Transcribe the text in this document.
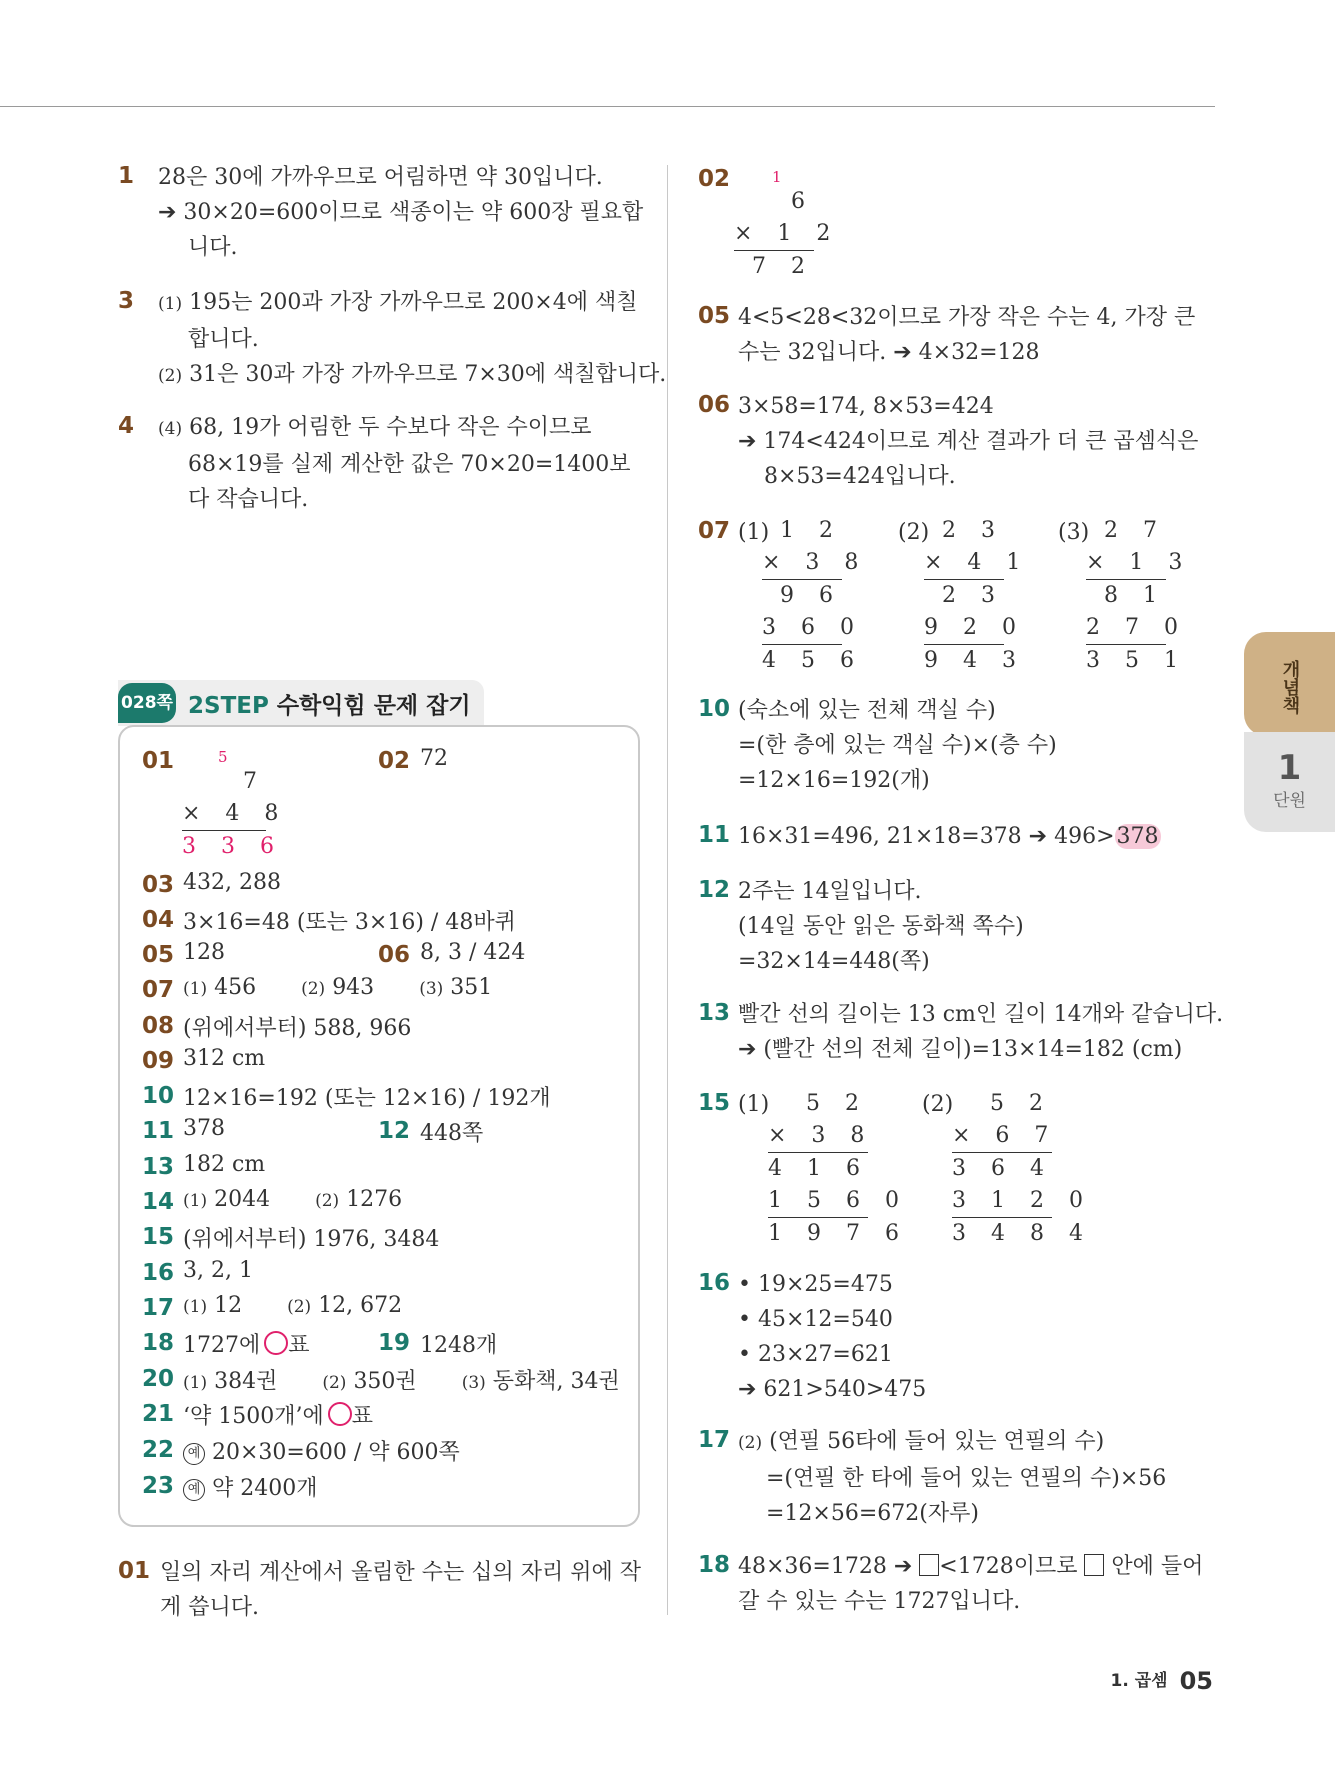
1 28은 30에 가까우므로 어림하면 약 30입니다.
➔ 30×20=600이므로 색종이는 약 600장 필요합
니다.
3 (1) 195는 200과 가장 가까우므로 200×4에 색칠
합니다.
(2) 31은 30과 가장 가까우므로 7×30에 색칠합니다.
4 (4) 68, 19가 어림한 두 수보다 작은 수이므로
68×19를 실제 계산한 값은 70×20=1400보
다 작습니다.
028쪽 2STEP 수학익힘 문제 잡기
01	5
7
× 4 8
3 3 6
02 72
03 432, 288
04 3×16=48 (또는 3×16) / 48바퀴
05 128	06 8, 3 / 424
07 (1) 456	(2) 943	(3) 351
08 (위에서부터) 588, 966
09 312 cm
10 12×16=192 (또는 12×16) / 192개
11 378	12 448쪽
13 182 cm
14 (1) 2044	(2) 1276
15 (위에서부터) 1976, 3484
16 3, 2, 1
17 (1) 12	(2) 12, 672
18 1727에 ○표	19 1248개
20 (1) 384권	(2) 350권	(3) 동화책, 34권
21 ‘약 1500개’에 ○표
22	예 20×30=600 / 약 600쪽
23	예 약 2400개
01 일의 자리 계산에서 올림한 수는 십의 자리 위에 작
게 씁니다.
02	1
6
× 1 2
7 2
05 4<5<28<32이므로 가장 작은 수는 4, 가장 큰
수는 32입니다. ➔ 4×32=128
06 3×58=174, 8×53=424
➔ 174<424이므로 계산 결과가 더 큰 곱셈식은
8×53=424입니다.
07 (1) 1 2
× 3 8
9 6
3 6 0
4 5 6
(2) 2 3
× 4 1
2 3
9 2 0
9 4 3
(3) 2 7
× 1 3
8 1
2 7 0
3 5 1
10 (숙소에 있는 전체 객실 수)
=(한 층에 있는 객실 수)×(층 수)
=12×16=192(개)
11 16×31=496, 21×18=378 ➔ 496>378
12 2주는 14일입니다.
(14일 동안 읽은 동화책 쪽수)
=32×14=448(쪽)
13 빨간 선의 길이는 13 cm인 길이 14개와 같습니다.
➔ (빨간 선의 전체 길이)=13×14=182 (cm)
15 (1)	5 2
× 3 8
4 1 6
1 5 6 0
1 9 7 6
(2)	5 2
× 6 7
3 6 4
3 1 2 0
3 4 8 4
16 • 19×25=475
• 45×12=540
• 23×27=621
➔ 621>540>475
17 (2) (연필 56타에 들어 있는 연필의 수)
=(연필 한 타에 들어 있는 연필의 수)×56
=12×56=672(자루)
18 48×36=1728 ➔ <1728이므로  안에 들어
갈 수 있는 수는 1727입니다.
개념책
1
단원
1. 곱셈 05
